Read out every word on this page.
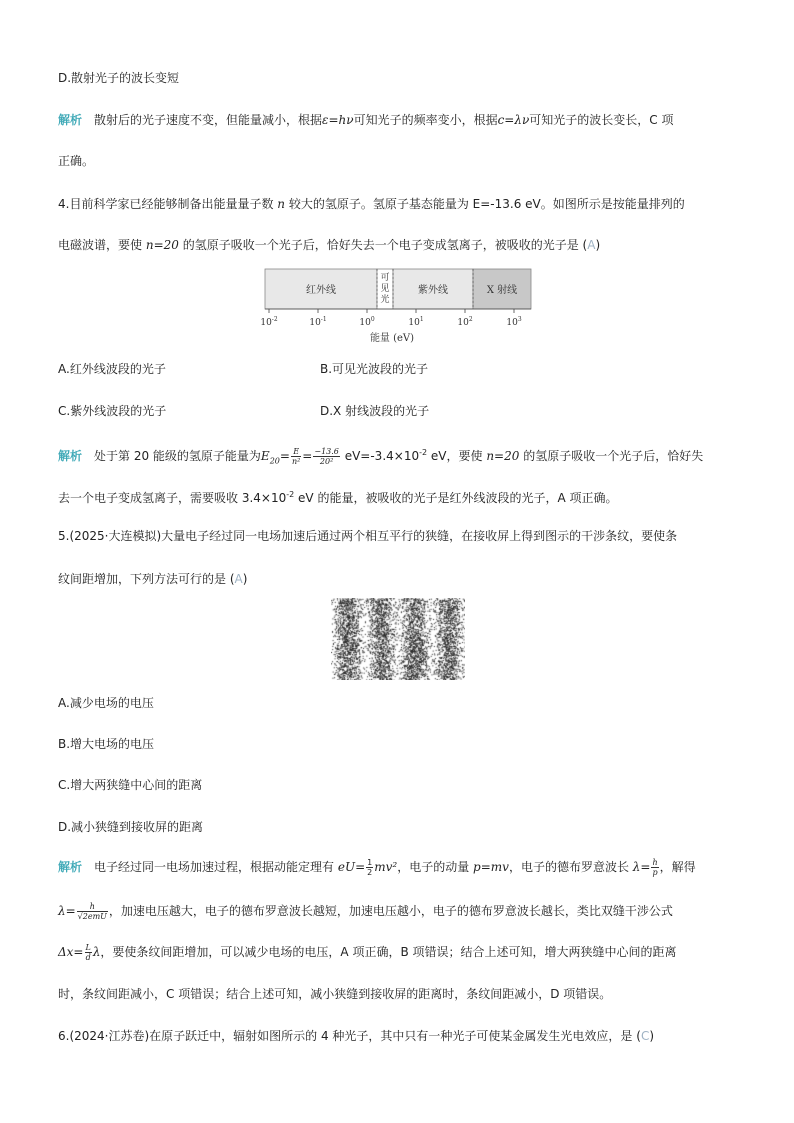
D.散射光子的波长变短
解析 散射后的光子速度不变，但能量减小，根据ε=hν可知光子的频率变小，根据c=λν可知光子的波长变长，C 项
正确。
4.目前科学家已经能够制备出能量量子数 n 较大的氢原子。氢原子基态能量为 E=-13.6 eV。如图所示是按能量排列的
电磁波谱，要使 n=20 的氢原子吸收一个光子后，恰好失去一个电子变成氢离子，被吸收的光子是 (A)
红外线
可见光
紫外线	X 射线
$10^{-2}$	$10^{-1}$	$10^0$	$10^1$	$10^2$	$10^3$
能量 (eV)
A.红外线波段的光子	B.可见光波段的光子
C.紫外线波段的光子	D.X 射线波段的光子
解析 处于第 20 能级的氢原子能量为$E_{20}= \frac{E}{\text{n²}} = \frac{-13.6}{\text{20²}} eV=-3.4\times 10^{-2}$ eV，要使 n=20 的氢原子吸收一个光子后，恰好失
去一个电子变成氢离子，需要吸收 $3.4\times 10^{-2}$ eV 的能量，被吸收的光子是红外线波段的光子，A 项正确。
5.(2025·大连模拟)大量电子经过同一电场加速后通过两个相互平行的狭缝，在接收屏上得到图示的干涉条纹，要使条
纹间距增加，下列方法可行的是 (A)
A.减少电场的电压
B.增大电场的电压
C.增大两狭缝中心间的距离
D.减小狭缝到接收屏的距离
解析 电子经过同一电场加速过程，根据动能定理有 $eU= \frac{1}{2} mv^2$，电子的动量 p=mv，电子的德布罗意波长 $\lambda= \frac{h}{p}$ ，解得
$\lambda= \frac{h}{\text{√2emU}}$ ，加速电压越大，电子的德布罗意波长越短，加速电压越小，电子的德布罗意波长越长，类比双缝干涉公式
$\Delta x= \frac{L}{d}$ λ，要使条纹间距增加，可以减少电场的电压，A 项正确，B 项错误；结合上述可知，增大两狭缝中心间的距离
时，条纹间距减小，C 项错误；结合上述可知，减小狭缝到接收屏的距离时，条纹间距减小，D 项错误。
6.(2024·江苏卷)在原子跃迁中，辐射如图所示的 4 种光子，其中只有一种光子可使某金属发生光电效应，是 (C)
